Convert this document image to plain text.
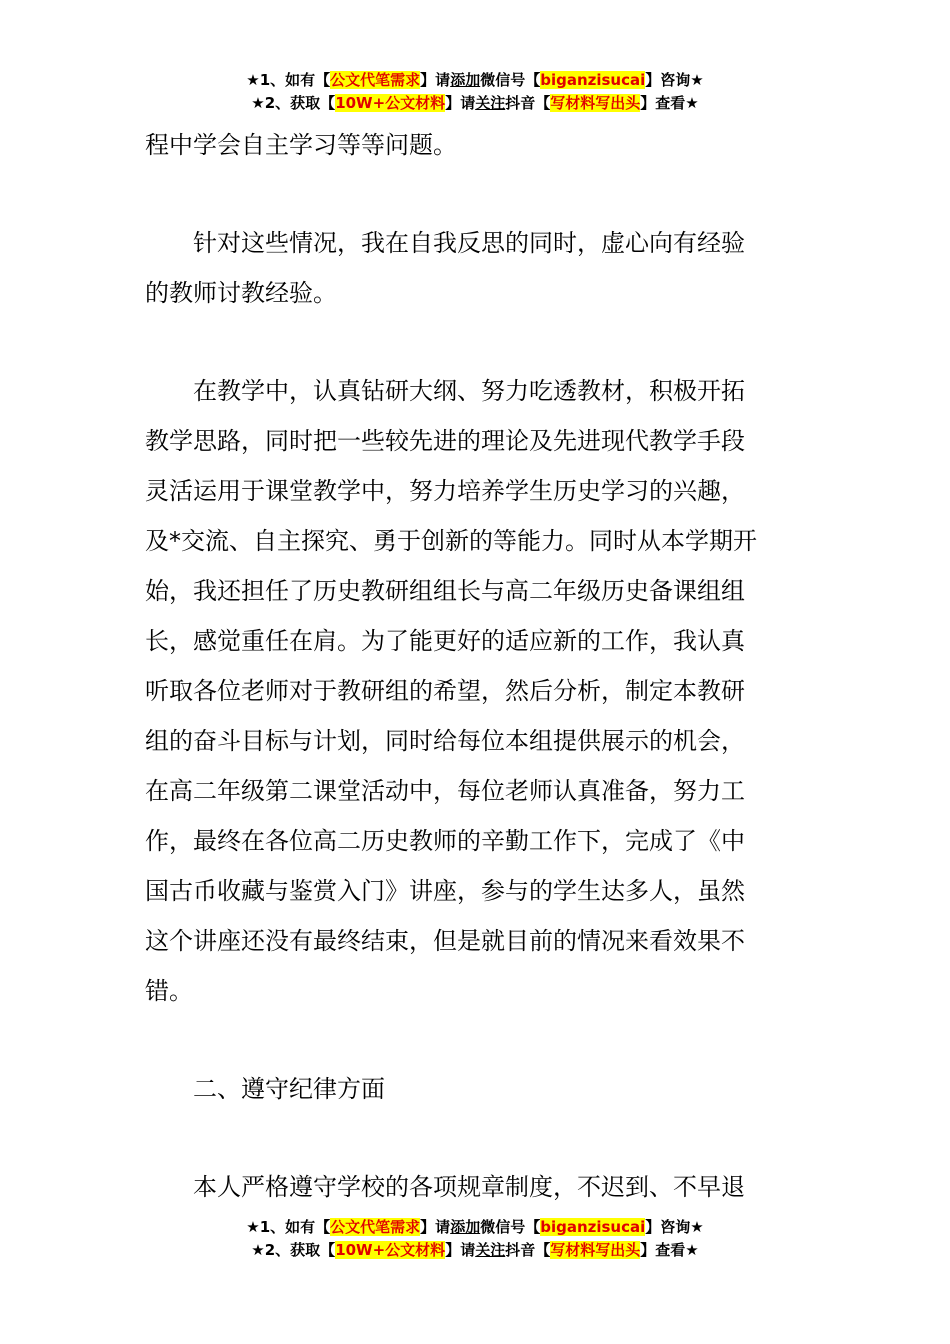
★1、如有【公文代笔需求】请添加微信号【biganzisucai】咨询★
★2、获取【10W+公文材料】请关注抖音【写材料写出头】查看★

程中学会自主学习等等问题。

针对这些情况，我在自我反思的同时，虚心向有经验
的教师讨教经验。

在教学中，认真钻研大纲、努力吃透教材，积极开拓
教学思路，同时把一些较先进的理论及先进现代教学手段
灵活运用于课堂教学中，努力培养学生历史学习的兴趣，
及*交流、自主探究、勇于创新的等能力。同时从本学期开
始，我还担任了历史教研组组长与高二年级历史备课组组
长，感觉重任在肩。为了能更好的适应新的工作，我认真
听取各位老师对于教研组的希望，然后分析，制定本教研
组的奋斗目标与计划，同时给每位本组提供展示的机会，
在高二年级第二课堂活动中，每位老师认真准备，努力工
作，最终在各位高二历史教师的辛勤工作下，完成了《中
国古币收藏与鉴赏入门》讲座，参与的学生达多人，虽然
这个讲座还没有最终结束，但是就目前的情况来看效果不
错。

二、遵守纪律方面

本人严格遵守学校的各项规章制度，不迟到、不早退

★1、如有【公文代笔需求】请添加微信号【biganzisucai】咨询★
★2、获取【10W+公文材料】请关注抖音【写材料写出头】查看★
